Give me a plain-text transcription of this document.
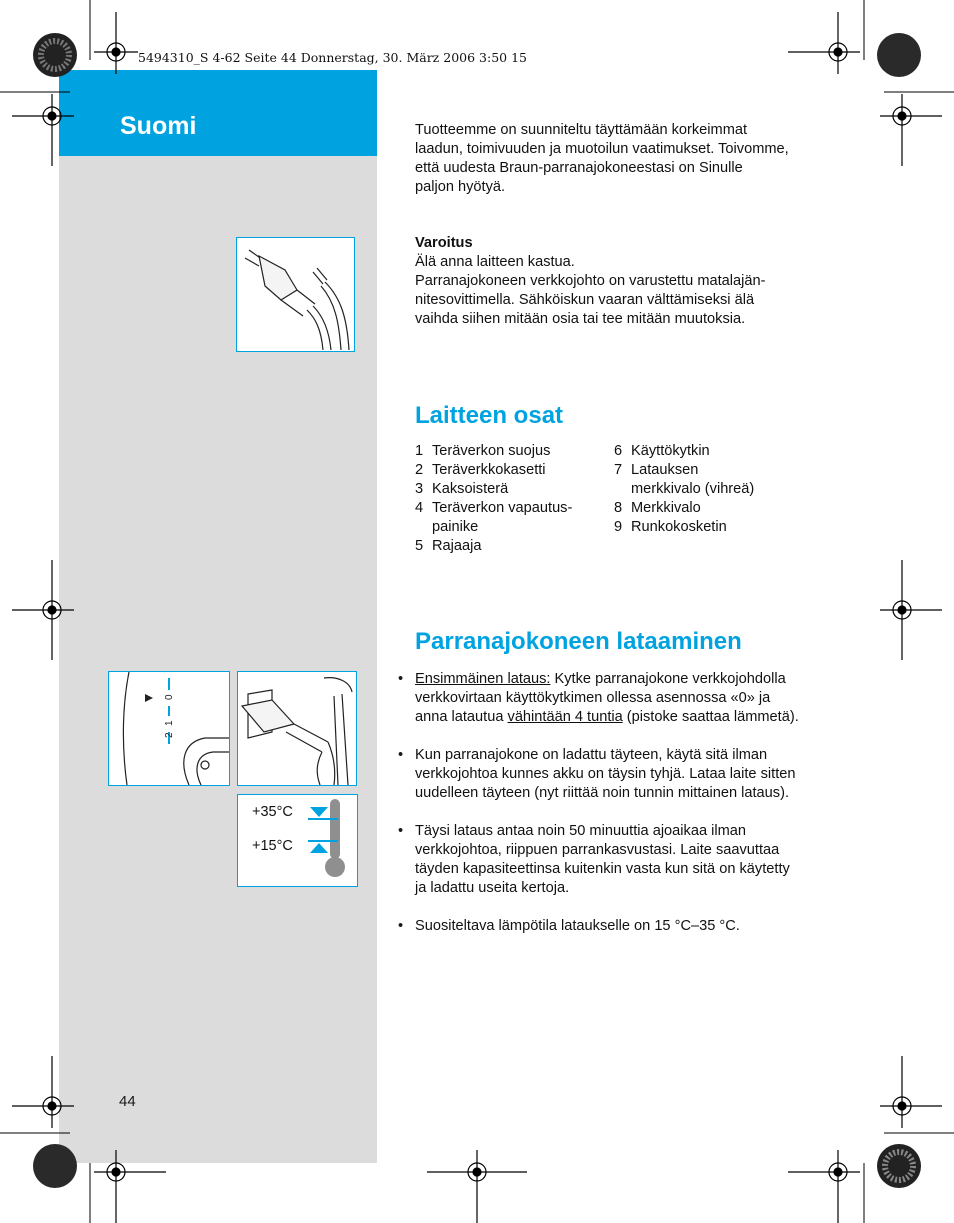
Suomi
5494310_S 4-62 Seite 44 Donnerstag, 30. März 2006 3:50 15
Tuotteemme on suunniteltu täyttämään korkeimmat
laadun, toimivuuden ja muotoilun vaatimukset. Toivomme,
että uudesta Braun-parranajokoneestasi on Sinulle
paljon hyötyä.
Varoitus
Älä anna laitteen kastua.
Parranajokoneen verkkojohto on varustettu matalajän-
nitesovittimella. Sähköiskun vaaran välttämiseksi älä
vaihda siihen mitään osia tai tee mitään muutoksia.
Laitteen osat
1 Teräverkon suojus
2 Teräverkkokasetti
3 Kaksoisterä
4 Teräverkon vapautus-
painike
5 Rajaaja
6 Käyttökytkin
7 Latauksen
merkkivalo (vihreä)
8 Merkkivalo
9 Runkokosketin
Parranajokoneen lataaminen
0
1
2
+35°C
+15°C
• Ensimmäinen lataus: Kytke parranajokone verkkojohdolla
verkkovirtaan käyttökytkimen ollessa asennossa «0» ja
anna latautua vähintään 4 tuntia (pistoke saattaa lämmetä).
• Kun parranajokone on ladattu täyteen, käytä sitä ilman
verkkojohtoa kunnes akku on täysin tyhjä. Lataa laite sitten
uudelleen täyteen (nyt riittää noin tunnin mittainen lataus).
• Täysi lataus antaa noin 50 minuuttia ajoaikaa ilman
verkkojohtoa, riippuen parrankasvustasi. Laite saavuttaa
täyden kapasiteettinsa kuitenkin vasta kun sitä on käytetty
ja ladattu useita kertoja.
• Suositeltava lämpötila lataukselle on 15 °C–35 °C.
44
